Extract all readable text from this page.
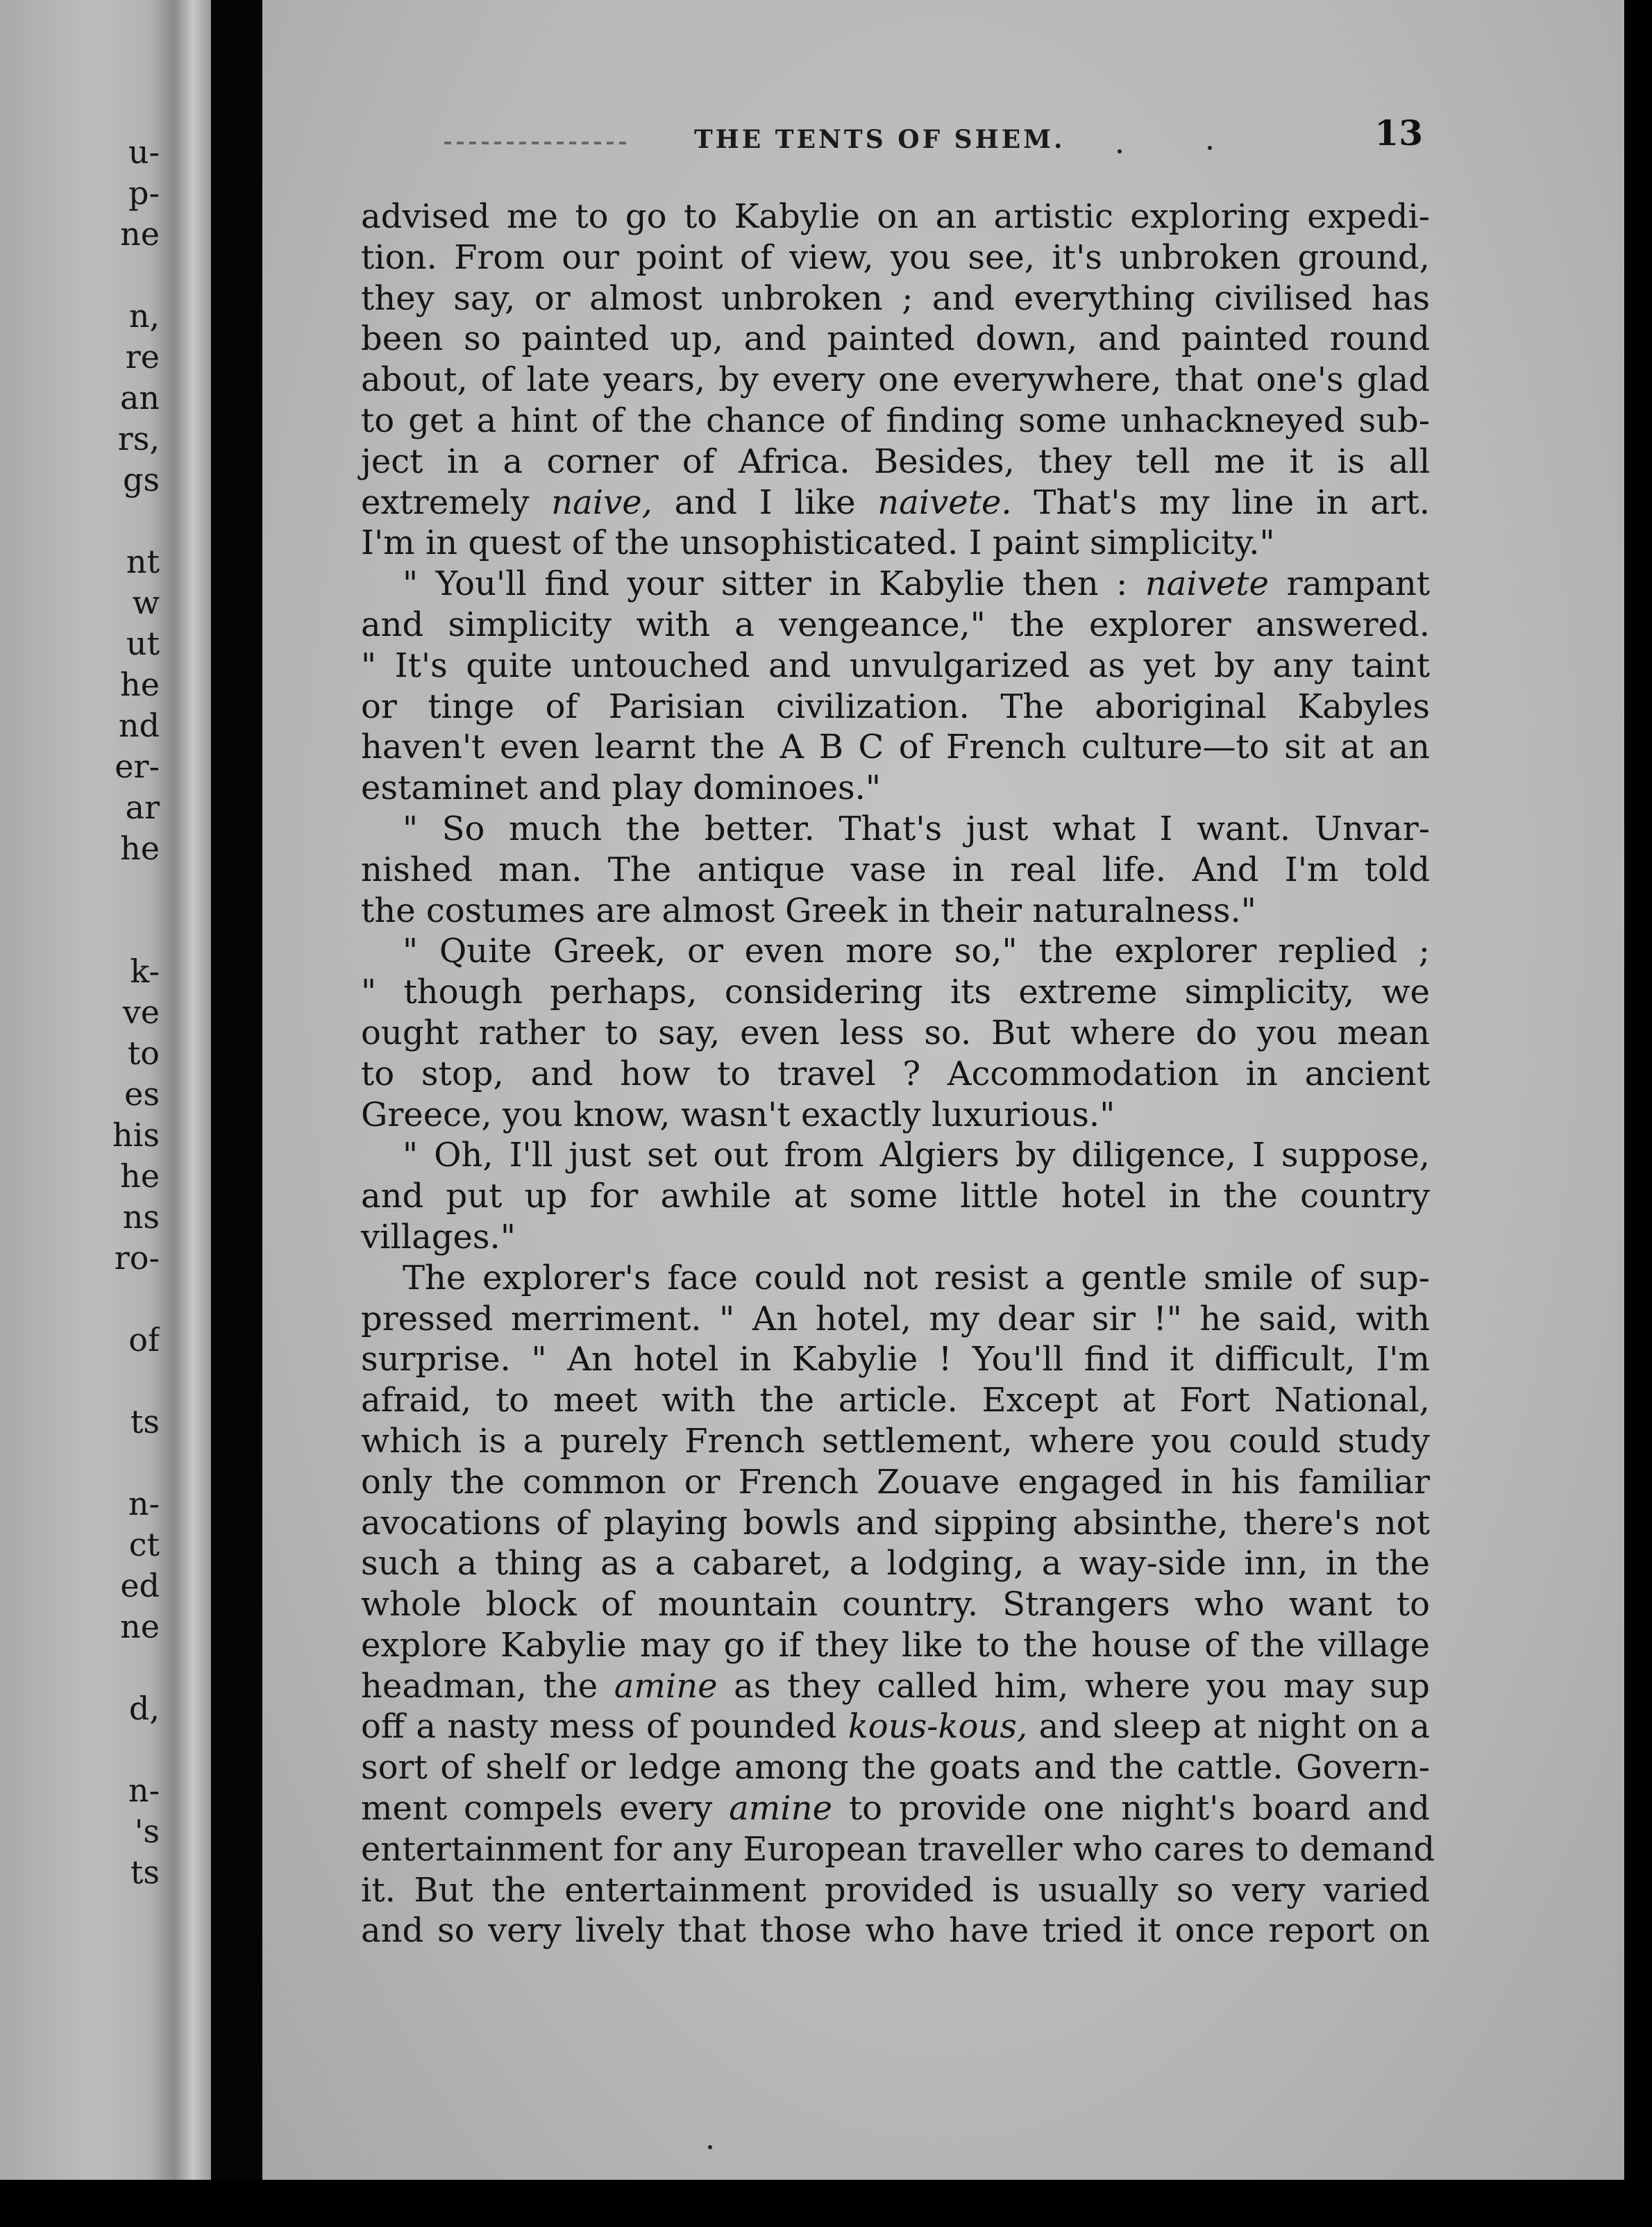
u-
p-
ne
n,
re
an
rs,
gs
nt
w
ut
he
nd
er-
ar
he
k-
ve
to
es
his
he
ns
ro-
of
ts
n-
ct
ed
ne
d,
n-
's
ts
THE TENTS OF SHEM.	13
advised me to go to Kabylie on an artistic exploring expedi-
tion. From our point of view, you see, it's unbroken ground,
they say, or almost unbroken ; and everything civilised has
been so painted up, and painted down, and painted round
about, of late years, by every one everywhere, that one's glad
to get a hint of the chance of finding some unhackneyed sub-
ject in a corner of Africa. Besides, they tell me it is all
extremely naive, and I like naivete. That's my line in art.
I'm in quest of the unsophisticated. I paint simplicity."
" You'll find your sitter in Kabylie then : naivete rampant
and simplicity with a vengeance," the explorer answered.
" It's quite untouched and unvulgarized as yet by any taint
or tinge of Parisian civilization. The aboriginal Kabyles
haven't even learnt the A B C of French culture—to sit at an
estaminet and play dominoes."
" So much the better. That's just what I want. Unvar-
nished man. The antique vase in real life. And I'm told
the costumes are almost Greek in their naturalness."
" Quite Greek, or even more so," the explorer replied ;
" though perhaps, considering its extreme simplicity, we
ought rather to say, even less so. But where do you mean
to stop, and how to travel ? Accommodation in ancient
Greece, you know, wasn't exactly luxurious."
" Oh, I'll just set out from Algiers by diligence, I suppose,
and put up for awhile at some little hotel in the country
villages."
The explorer's face could not resist a gentle smile of sup-
pressed merriment. " An hotel, my dear sir !" he said, with
surprise. " An hotel in Kabylie ! You'll find it difficult, I'm
afraid, to meet with the article. Except at Fort National,
which is a purely French settlement, where you could study
only the common or French Zouave engaged in his familiar
avocations of playing bowls and sipping absinthe, there's not
such a thing as a cabaret, a lodging, a way-side inn, in the
whole block of mountain country. Strangers who want to
explore Kabylie may go if they like to the house of the village
headman, the amine as they called him, where you may sup
off a nasty mess of pounded kous-kous, and sleep at night on a
sort of shelf or ledge among the goats and the cattle. Govern-
ment compels every amine to provide one night's board and
entertainment for any European traveller who cares to demand
it. But the entertainment provided is usually so very varied
and so very lively that those who have tried it once report on
